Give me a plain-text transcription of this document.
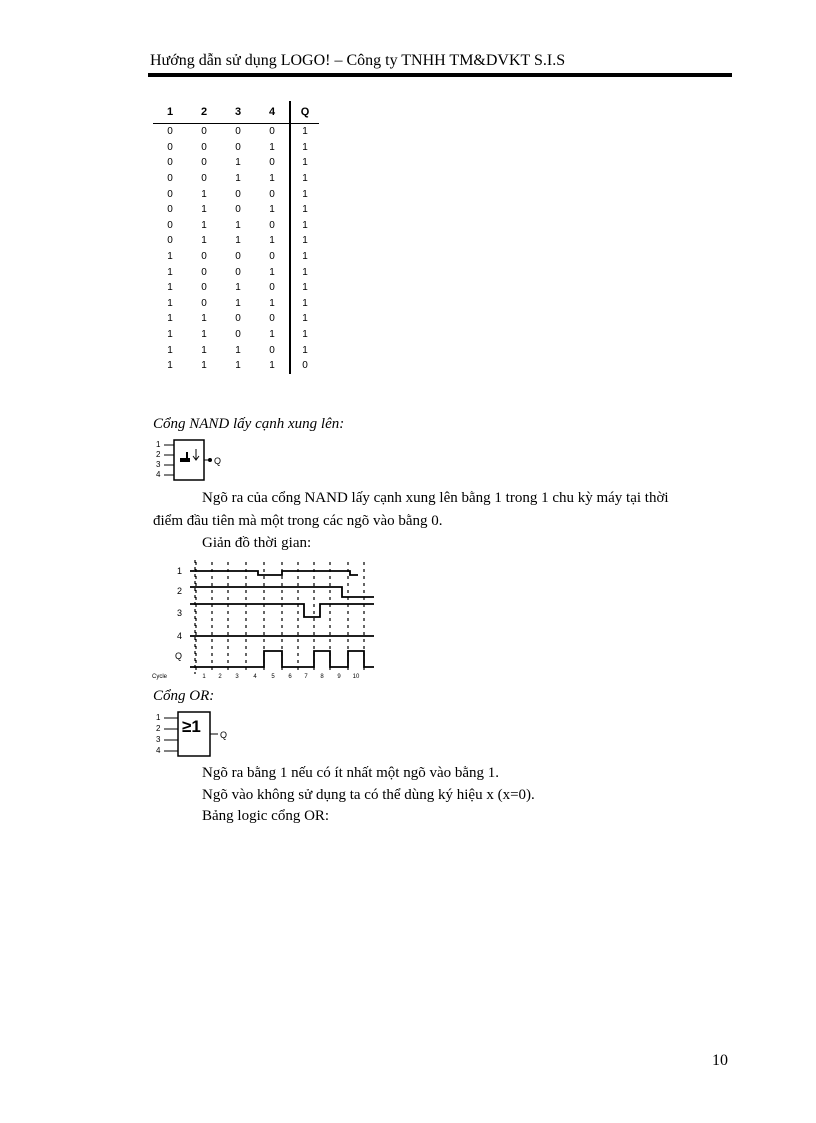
Hướng dẫn sử dụng LOGO! – Công ty TNHH TM&DVKT S.I.S
1	2	3	4	Q
0	0	0	0	1
0	0	0	1	1
0	0	1	0	1
0	0	1	1	1
0	1	0	0	1
0	1	0	1	1
0	1	1	0	1
0	1	1	1	1
1	0	0	0	1
1	0	0	1	1
1	0	1	0	1
1	0	1	1	1
1	1	0	0	1
1	1	0	1	1
1	1	1	0	1
1	1	1	1	0
Cổng NAND lấy cạnh xung lên:
1
2
3
4
Q
Ngõ ra của cổng NAND lấy cạnh xung lên bằng 1 trong 1 chu kỳ máy tại thời
điểm đầu tiên mà một trong các ngõ vào bằng 0.
Giản đồ thời gian:
1
2
3
4
Q
Cycle	1 2 3 4 5 6 7 8 9 10
Cổng OR:
1
2
3
4
≥1 Q
Ngõ ra bằng 1 nếu có ít nhất một ngõ vào bằng 1.
Ngõ vào không sử dụng ta có thể dùng ký hiệu x (x=0).
Bảng logic cổng OR:
10
